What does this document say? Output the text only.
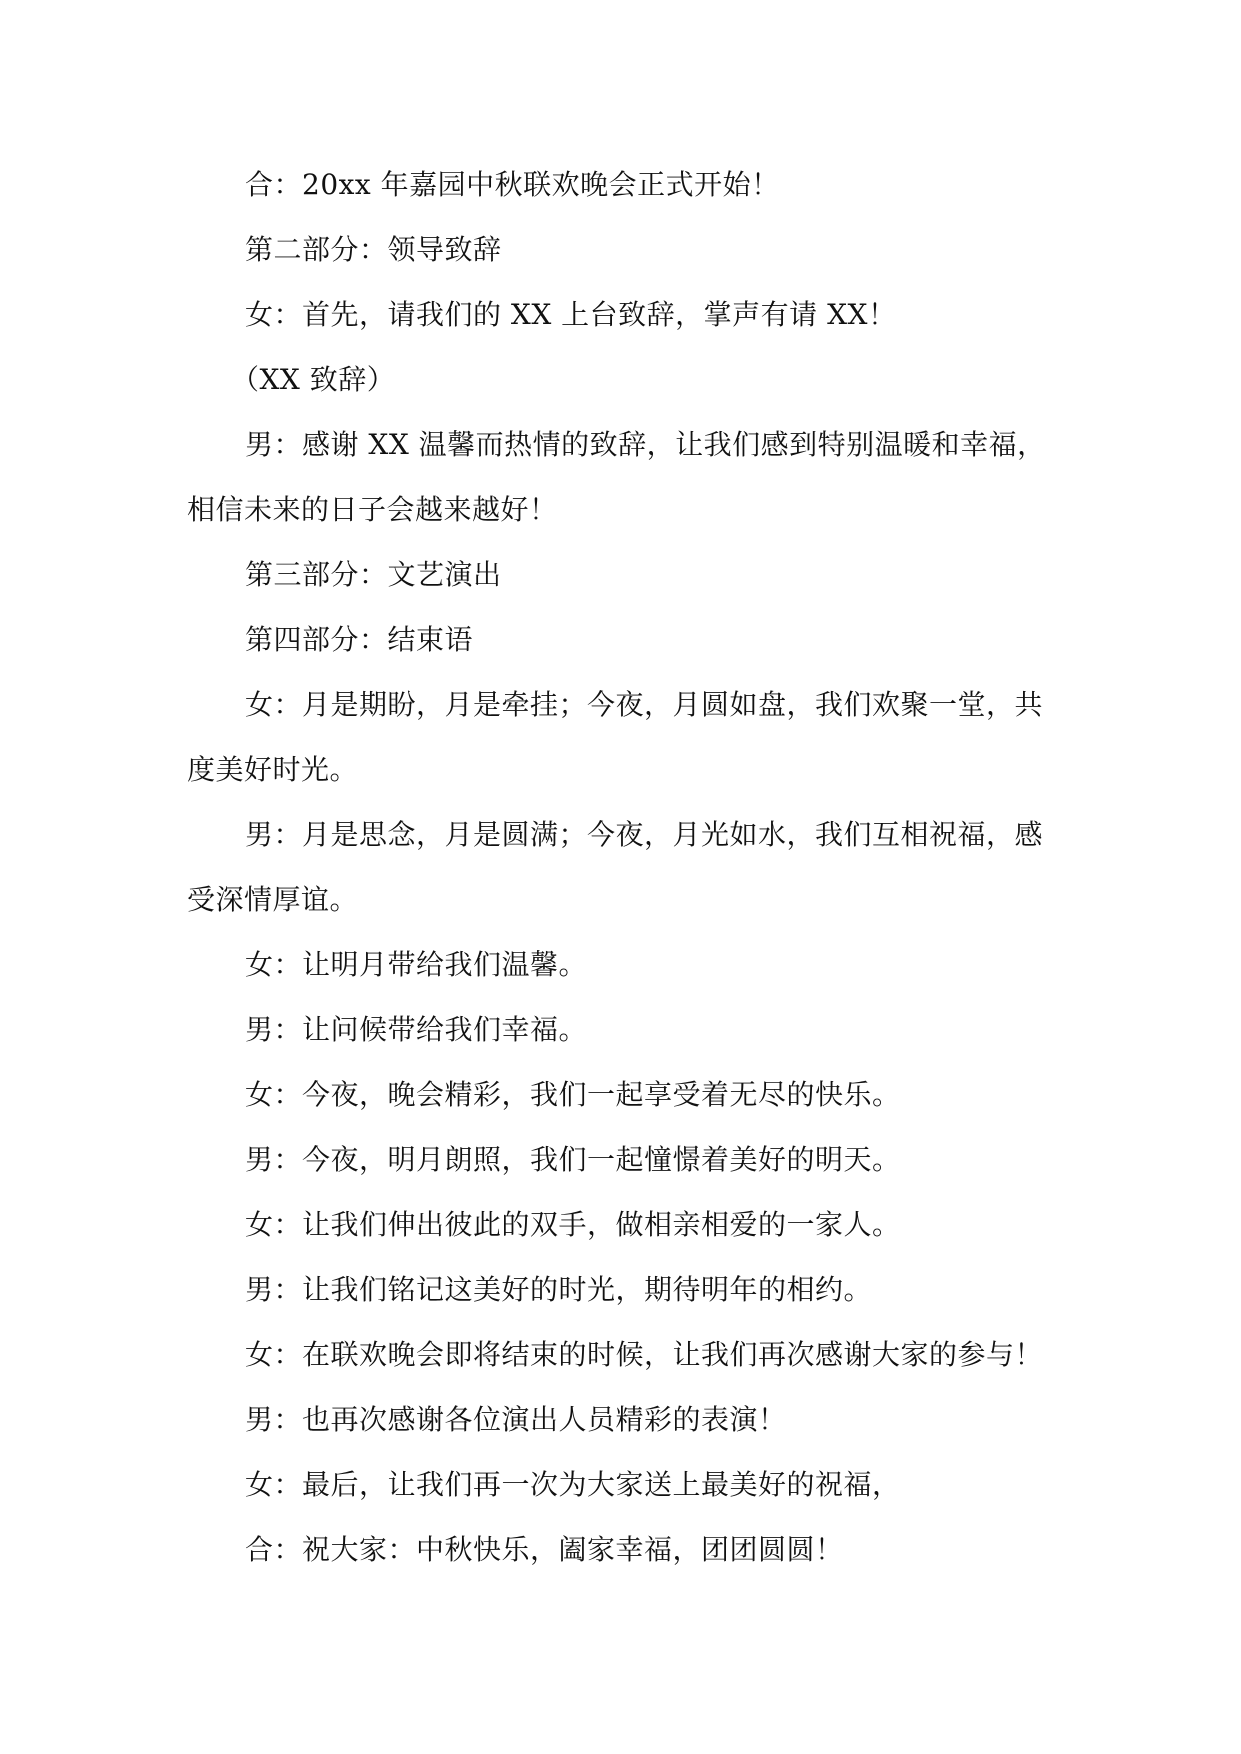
合：20xx 年嘉园中秋联欢晚会正式开始！
第二部分：领导致辞
女：首先，请我们的 XX 上台致辞，掌声有请 XX！
（XX 致辞）
男：感谢 XX 温馨而热情的致辞，让我们感到特别温暖和幸福，
相信未来的日子会越来越好！
第三部分：文艺演出
第四部分：结束语
女：月是期盼，月是牵挂；今夜，月圆如盘，我们欢聚一堂，共
度美好时光。
男：月是思念，月是圆满；今夜，月光如水，我们互相祝福，感
受深情厚谊。
女：让明月带给我们温馨。
男：让问候带给我们幸福。
女：今夜，晚会精彩，我们一起享受着无尽的快乐。
男：今夜，明月朗照，我们一起憧憬着美好的明天。
女：让我们伸出彼此的双手，做相亲相爱的一家人。
男：让我们铭记这美好的时光，期待明年的相约。
女：在联欢晚会即将结束的时候，让我们再次感谢大家的参与！
男：也再次感谢各位演出人员精彩的表演！
女：最后，让我们再一次为大家送上最美好的祝福，
合：祝大家：中秋快乐，阖家幸福，团团圆圆！
